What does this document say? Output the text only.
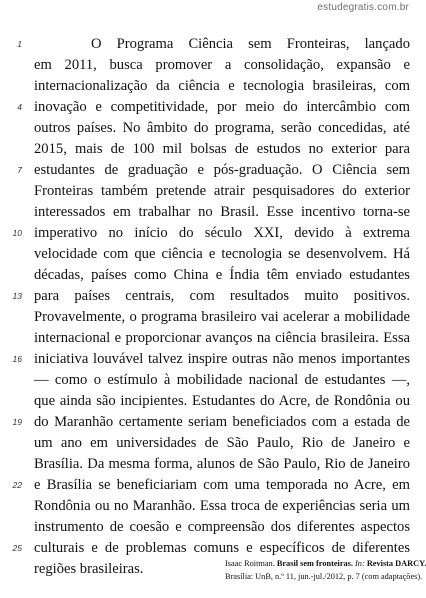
estudegratis.com.br
1	O Programa Ciência sem Fronteiras, lançado
em 2011, busca promover a consolidação, expansão e
internacionalização da ciência e tecnologia brasileiras, com
4 inovação e competitividade, por meio do intercâmbio com
outros países. No âmbito do programa, serão concedidas, até
2015, mais de 100 mil bolsas de estudos no exterior para
7 estudantes de graduação e pós-graduação. O Ciência sem
Fronteiras também pretende atrair pesquisadores do exterior
interessados em trabalhar no Brasil. Esse incentivo torna-se
10 imperativo no início do século XXI, devido à extrema
velocidade com que ciência e tecnologia se desenvolvem. Há
décadas, países como China e Índia têm enviado estudantes
13 para países centrais, com resultados muito positivos.
Provavelmente, o programa brasileiro vai acelerar a mobilidade
internacional e proporcionar avanços na ciência brasileira. Essa
16 iniciativa louvável talvez inspire outras não menos importantes
— como o estímulo à mobilidade nacional de estudantes —,
que ainda são incipientes. Estudantes do Acre, de Rondônia ou
19 do Maranhão certamente seriam beneficiados com a estada de
um ano em universidades de São Paulo, Rio de Janeiro e
Brasília. Da mesma forma, alunos de São Paulo, Rio de Janeiro
22 e Brasília se beneficiariam com uma temporada no Acre, em
Rondônia ou no Maranhão. Essa troca de experiências seria um
instrumento de coesão e compreensão dos diferentes aspectos
25 culturais e de problemas comuns e específicos de diferentes
regiões brasileiras.	Isaac Roitman. Brasil sem fronteiras. In: Revista DARCY.
Brasília: UnB, n.º 11, jun.-jul./2012, p. 7 (com adaptações).
